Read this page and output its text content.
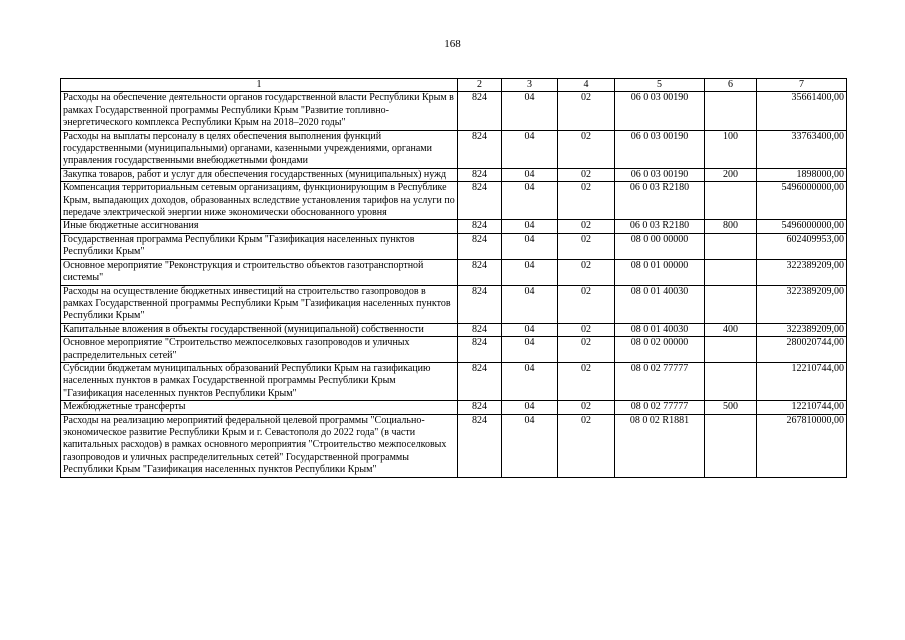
168
1	2	3	4	5	6	7
Расходы на обеспечение деятельности органов государственной власти Республики Крым в рамках Государственной программы Республики Крым "Развитие топливно-энергетического комплекса Республики Крым на 2018–2020 годы"	824	04	02	06 0 03 00190		35661400,00
Расходы на выплаты персоналу в целях обеспечения выполнения функций государственными (муниципальными) органами, казенными учреждениями, органами управления государственными внебюджетными фондами	824	04	02	06 0 03 00190	100	33763400,00
Закупка товаров, работ и услуг для обеспечения государственных (муниципальных) нужд	824	04	02	06 0 03 00190	200	1898000,00
Компенсация территориальным сетевым организациям, функционирующим в Республике Крым, выпадающих доходов, образованных вследствие установления тарифов на услуги по передаче электрической энергии ниже экономически обоснованного уровня	824	04	02	06 0 03 R2180		5496000000,00
Иные бюджетные ассигнования	824	04	02	06 0 03 R2180	800	5496000000,00
Государственная программа Республики Крым "Газификация населенных пунктов Республики Крым"	824	04	02	08 0 00 00000		602409953,00
Основное мероприятие "Реконструкция и строительство объектов газотранспортной системы"	824	04	02	08 0 01 00000		322389209,00
Расходы на осуществление бюджетных инвестиций на строительство газопроводов в рамках Государственной программы Республики Крым "Газификация населенных пунктов Республики Крым"	824	04	02	08 0 01 40030		322389209,00
Капитальные вложения в объекты государственной (муниципальной) собственности	824	04	02	08 0 01 40030	400	322389209,00
Основное мероприятие "Строительство межпоселковых газопроводов и уличных распределительных сетей"	824	04	02	08 0 02 00000		280020744,00
Субсидии бюджетам муниципальных образований Республики Крым на газификацию населенных пунктов в рамках Государственной программы Республики Крым "Газификация населенных пунктов Республики Крым"	824	04	02	08 0 02 77777		12210744,00
Межбюджетные трансферты	824	04	02	08 0 02 77777	500	12210744,00
Расходы на реализацию мероприятий федеральной целевой программы "Социально-экономическое развитие Республики Крым и г. Севастополя до 2022 года" (в части капитальных расходов) в рамках основного мероприятия "Строительство межпоселковых газопроводов и уличных распределительных сетей" Государственной программы Республики Крым "Газификация населенных пунктов Республики Крым"	824	04	02	08 0 02 R1881		267810000,00
